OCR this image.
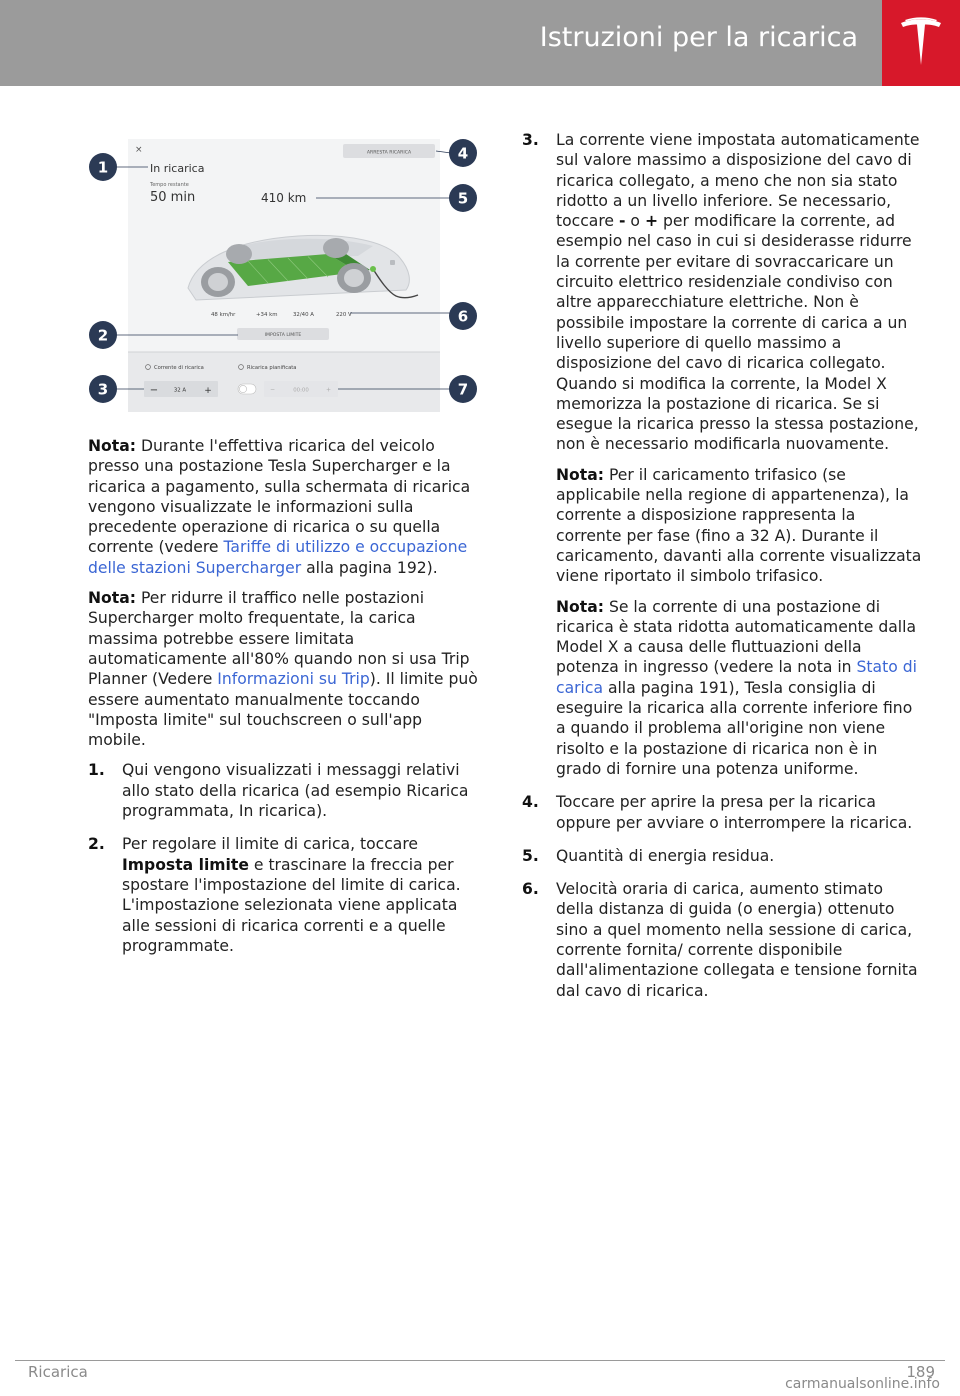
Istruzioni per la ricarica
×
In ricarica
Tempo restante
50 min
ARRESTA RICARICA
410 km
48 km/hr	+34 km	32/40 A	220 V
IMPOSTA LIMITE
Corrente di ricarica
−	32 A +
Ricarica pianificata
−	00:00	+
1
2
3
4
5
6
7

Nota: Durante l'effettiva ricarica del veicolo presso una postazione Tesla Supercharger e la ricarica a pagamento, sulla schermata di ricarica vengono visualizzate le informazioni sulla precedente operazione di ricarica o su quella corrente (vedere Tariffe di utilizzo e occupazione delle stazioni Supercharger alla pagina 192).

Nota: Per ridurre il traffico nelle postazioni Supercharger molto frequentate, la carica massima potrebbe essere limitata automaticamente all'80% quando non si usa Trip Planner (Vedere Informazioni su Trip). Il limite può essere aumentato manualmente toccando "Imposta limite" sul touchscreen o sull'app mobile.

1.	Qui vengono visualizzati i messaggi relativi allo stato della ricarica (ad esempio Ricarica programmata, In ricarica).

2.	Per regolare il limite di carica, toccare Imposta limite e trascinare la freccia per spostare l'impostazione del limite di carica. L'impostazione selezionata viene applicata alle sessioni di ricarica correnti e a quelle programmate.

3.	La corrente viene impostata automaticamente sul valore massimo a disposizione del cavo di ricarica collegato, a meno che non sia stato ridotto a un livello inferiore. Se necessario, toccare - o + per modificare la corrente, ad esempio nel caso in cui si desiderasse ridurre la corrente per evitare di sovraccaricare un circuito elettrico residenziale condiviso con altre apparecchiature elettriche. Non è possibile impostare la corrente di carica a un livello superiore di quello massimo a disposizione del cavo di ricarica collegato. Quando si modifica la corrente, la Model X memorizza la postazione di ricarica. Se si esegue la ricarica presso la stessa postazione, non è necessario modificarla nuovamente.

Nota: Per il caricamento trifasico (se applicabile nella regione di appartenenza), la corrente a disposizione rappresenta la corrente per fase (fino a 32 A). Durante il caricamento, davanti alla corrente visualizzata viene riportato il simbolo trifasico.

Nota: Se la corrente di una postazione di ricarica è stata ridotta automaticamente dalla Model X a causa delle fluttuazioni della potenza in ingresso (vedere la nota in Stato di carica alla pagina 191), Tesla consiglia di eseguire la ricarica alla corrente inferiore fino a quando il problema all'origine non viene risolto e la postazione di ricarica non è in grado di fornire una potenza uniforme.

4.	Toccare per aprire la presa per la ricarica oppure per avviare o interrompere la ricarica.

5.	Quantità di energia residua.

6.	Velocità oraria di carica, aumento stimato della distanza di guida (o energia) ottenuto sino a quel momento nella sessione di carica, corrente fornita/ corrente disponibile dall'alimentazione collegata e tensione fornita dal cavo di ricarica.

Ricarica	189
carmanualsonline.info
